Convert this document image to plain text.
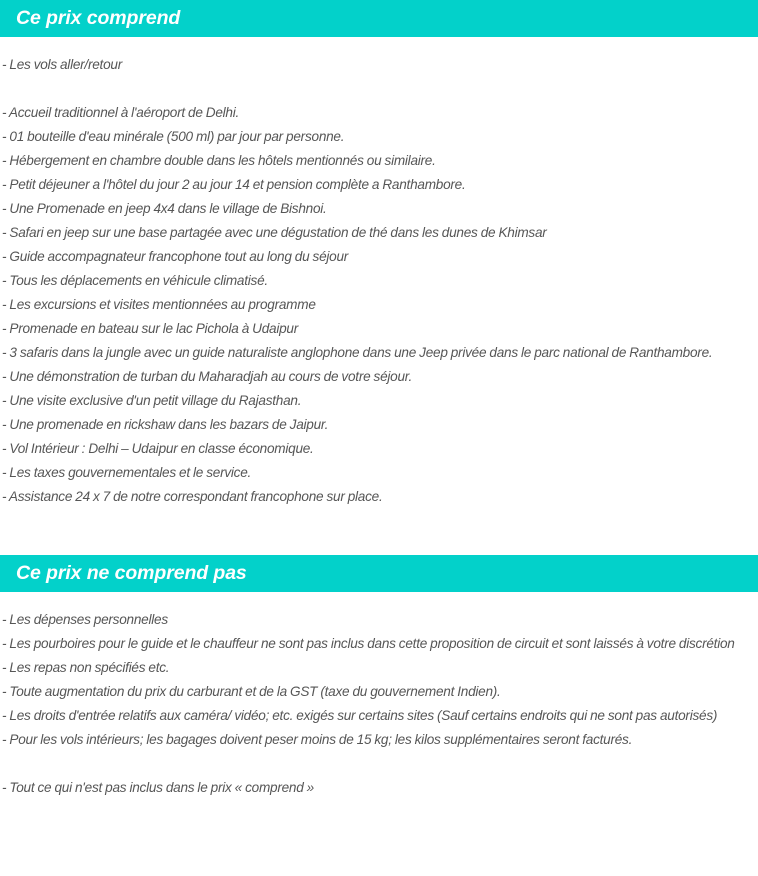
Ce prix comprend

- Les vols aller/retour

- Accueil traditionnel à l'aéroport de Delhi.

- 01 bouteille d'eau minérale (500 ml) par jour par personne.

- Hébergement en chambre double dans les hôtels mentionnés ou similaire.

- Petit déjeuner a l'hôtel du jour 2 au jour 14 et pension complète a Ranthambore.

- Une Promenade en jeep 4x4 dans le village de Bishnoi.

- Safari en jeep sur une base partagée avec une dégustation de thé dans les dunes de Khimsar

- Guide accompagnateur francophone tout au long du séjour

- Tous les déplacements en véhicule climatisé.

- Les excursions et visites mentionnées au programme

- Promenade en bateau sur le lac Pichola à Udaipur

- 3 safaris dans la jungle avec un guide naturaliste anglophone dans une Jeep privée dans le parc national de Ranthambore.

- Une démonstration de turban du Maharadjah au cours de votre séjour.

- Une visite exclusive d'un petit village du Rajasthan.

- Une promenade en rickshaw dans les bazars de Jaipur.

- Vol Intérieur : Delhi – Udaipur en classe économique.

- Les taxes gouvernementales et le service.

- Assistance 24 x 7 de notre correspondant francophone sur place.

Ce prix ne comprend pas

- Les dépenses personnelles

- Les pourboires pour le guide et le chauffeur ne sont pas inclus dans cette proposition de circuit et sont laissés à votre discrétion

- Les repas non spécifiés etc.

- Toute augmentation du prix du carburant et de la GST (taxe du gouvernement Indien).

- Les droits d'entrée relatifs aux caméra/ vidéo; etc. exigés sur certains sites (Sauf certains endroits qui ne sont pas autorisés)

- Pour les vols intérieurs; les bagages doivent peser moins de 15 kg; les kilos supplémentaires seront facturés.

- Tout ce qui n'est pas inclus dans le prix « comprend »
